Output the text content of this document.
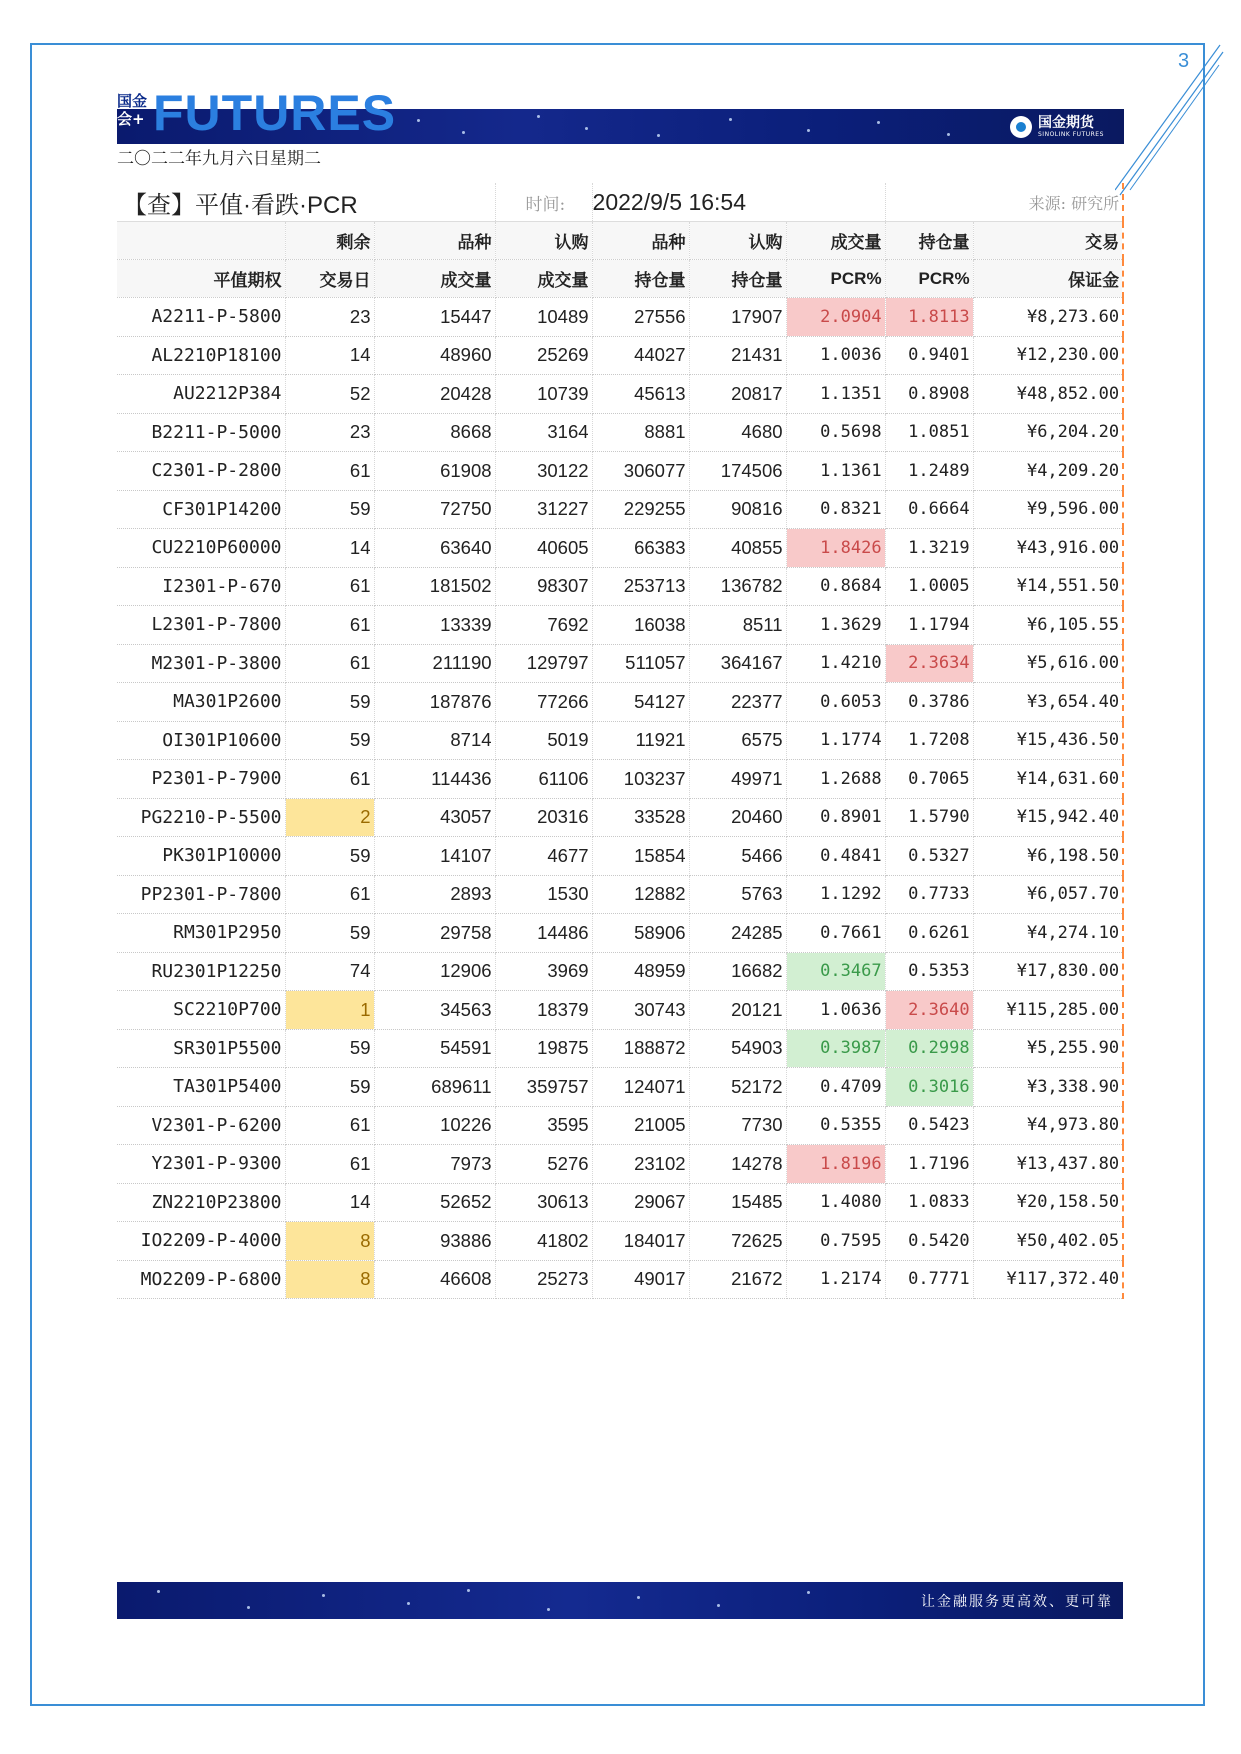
3
国金
会+ FUTURES	国金期货
SINOLINK FUTURES
二〇二二年九月六日星期二
【查】平值·看跌·PCR			时间:	2022/9/5 16:54			来源: 研究所	
	剩余	品种	认购	品种	认购	成交量	持仓量	交易
平值期权	交易日	成交量	成交量	持仓量	持仓量	PCR%	PCR%	保证金
A2211-P-5800	23	15447	10489	27556	17907	2.0904	1.8113	¥8,273.60
AL2210P18100	14	48960	25269	44027	21431	1.0036	0.9401	¥12,230.00
AU2212P384	52	20428	10739	45613	20817	1.1351	0.8908	¥48,852.00
B2211-P-5000	23	8668	3164	8881	4680	0.5698	1.0851	¥6,204.20
C2301-P-2800	61	61908	30122	306077	174506	1.1361	1.2489	¥4,209.20
CF301P14200	59	72750	31227	229255	90816	0.8321	0.6664	¥9,596.00
CU2210P60000	14	63640	40605	66383	40855	1.8426	1.3219	¥43,916.00
I2301-P-670	61	181502	98307	253713	136782	0.8684	1.0005	¥14,551.50
L2301-P-7800	61	13339	7692	16038	8511	1.3629	1.1794	¥6,105.55
M2301-P-3800	61	211190	129797	511057	364167	1.4210	2.3634	¥5,616.00
MA301P2600	59	187876	77266	54127	22377	0.6053	0.3786	¥3,654.40
OI301P10600	59	8714	5019	11921	6575	1.1774	1.7208	¥15,436.50
P2301-P-7900	61	114436	61106	103237	49971	1.2688	0.7065	¥14,631.60
PG2210-P-5500	2	43057	20316	33528	20460	0.8901	1.5790	¥15,942.40
PK301P10000	59	14107	4677	15854	5466	0.4841	0.5327	¥6,198.50
PP2301-P-7800	61	2893	1530	12882	5763	1.1292	0.7733	¥6,057.70
RM301P2950	59	29758	14486	58906	24285	0.7661	0.6261	¥4,274.10
RU2301P12250	74	12906	3969	48959	16682	0.3467	0.5353	¥17,830.00
SC2210P700	1	34563	18379	30743	20121	1.0636	2.3640	¥115,285.00
SR301P5500	59	54591	19875	188872	54903	0.3987	0.2998	¥5,255.90
TA301P5400	59	689611	359757	124071	52172	0.4709	0.3016	¥3,338.90
V2301-P-6200	61	10226	3595	21005	7730	0.5355	0.5423	¥4,973.80
Y2301-P-9300	61	7973	5276	23102	14278	1.8196	1.7196	¥13,437.80
ZN2210P23800	14	52652	30613	29067	15485	1.4080	1.0833	¥20,158.50
IO2209-P-4000	8	93886	41802	184017	72625	0.7595	0.5420	¥50,402.05
MO2209-P-6800	8	46608	25273	49017	21672	1.2174	0.7771	¥117,372.40
让金融服务更高效、更可靠
